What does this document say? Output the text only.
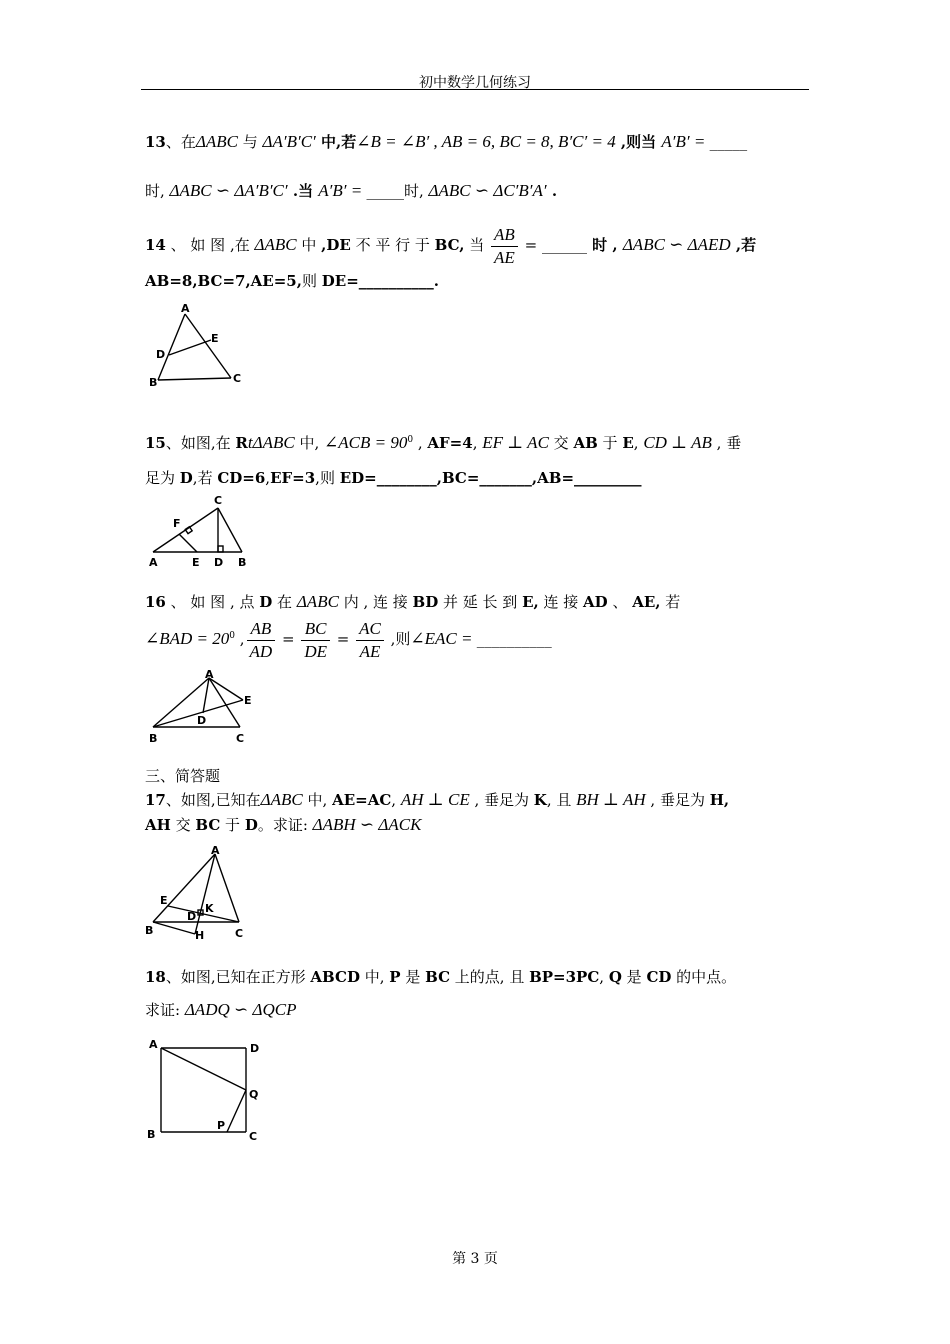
初中数学几何练习
13、在ΔABC 与 ΔA′B′C′ 中,若∠B = ∠B′ , AB = 6, BC = 8, B′C′ = 4 ,则当 A′B′ = _____
时, ΔABC ∽ ΔA′B′C′ .当 A′B′ = _____时, ΔABC ∽ ΔC′B′A′ .
14 、 如 图 ,在 ΔABC 中 ,DE 不 平 行 于 BC, 当 $\frac{AB}{AE}$ = ______ 时 , ΔABC ∽ ΔAED ,若
AB=8,BC=7,AE=5,则 DE=__________.
A
B	C
D
E
15、如图,在 RtΔABC 中, ∠ACB = $90^0$ , AF=4, EF ⊥ AC 交 AB 于 E, CD ⊥ AB , 垂
足为 D,若 CD=6,EF=3,则 ED=________,BC=_______,AB=_________
C
F
A	E D B
16 、 如 图 , 点 D 在 ΔABC 内 , 连 接 BD 并 延 长 到 E, 连 接 AD 、 AE, 若
∠BAD = $20^0$ , $\frac{AB}{AD} = \frac{BC}{DE} = \frac{AC}{AE}$ ,则∠EAC = __________
A
E
D
B	C
三、简答题
17、如图,已知在ΔABC 中, AE=AC, AH ⊥ CE , 垂足为 K, 且 BH ⊥ AH , 垂足为 H,
AH 交 BC 于 D。求证: ΔABH ∽ ΔACK
A
E
K
D
B	H	C
18、如图,已知在正方形 ABCD 中, P 是 BC 上的点, 且 BP=3PC, Q 是 CD 的中点。
求证: ΔADQ ∽ ΔQCP
A	D
Q
B
P
C
第 3 页
